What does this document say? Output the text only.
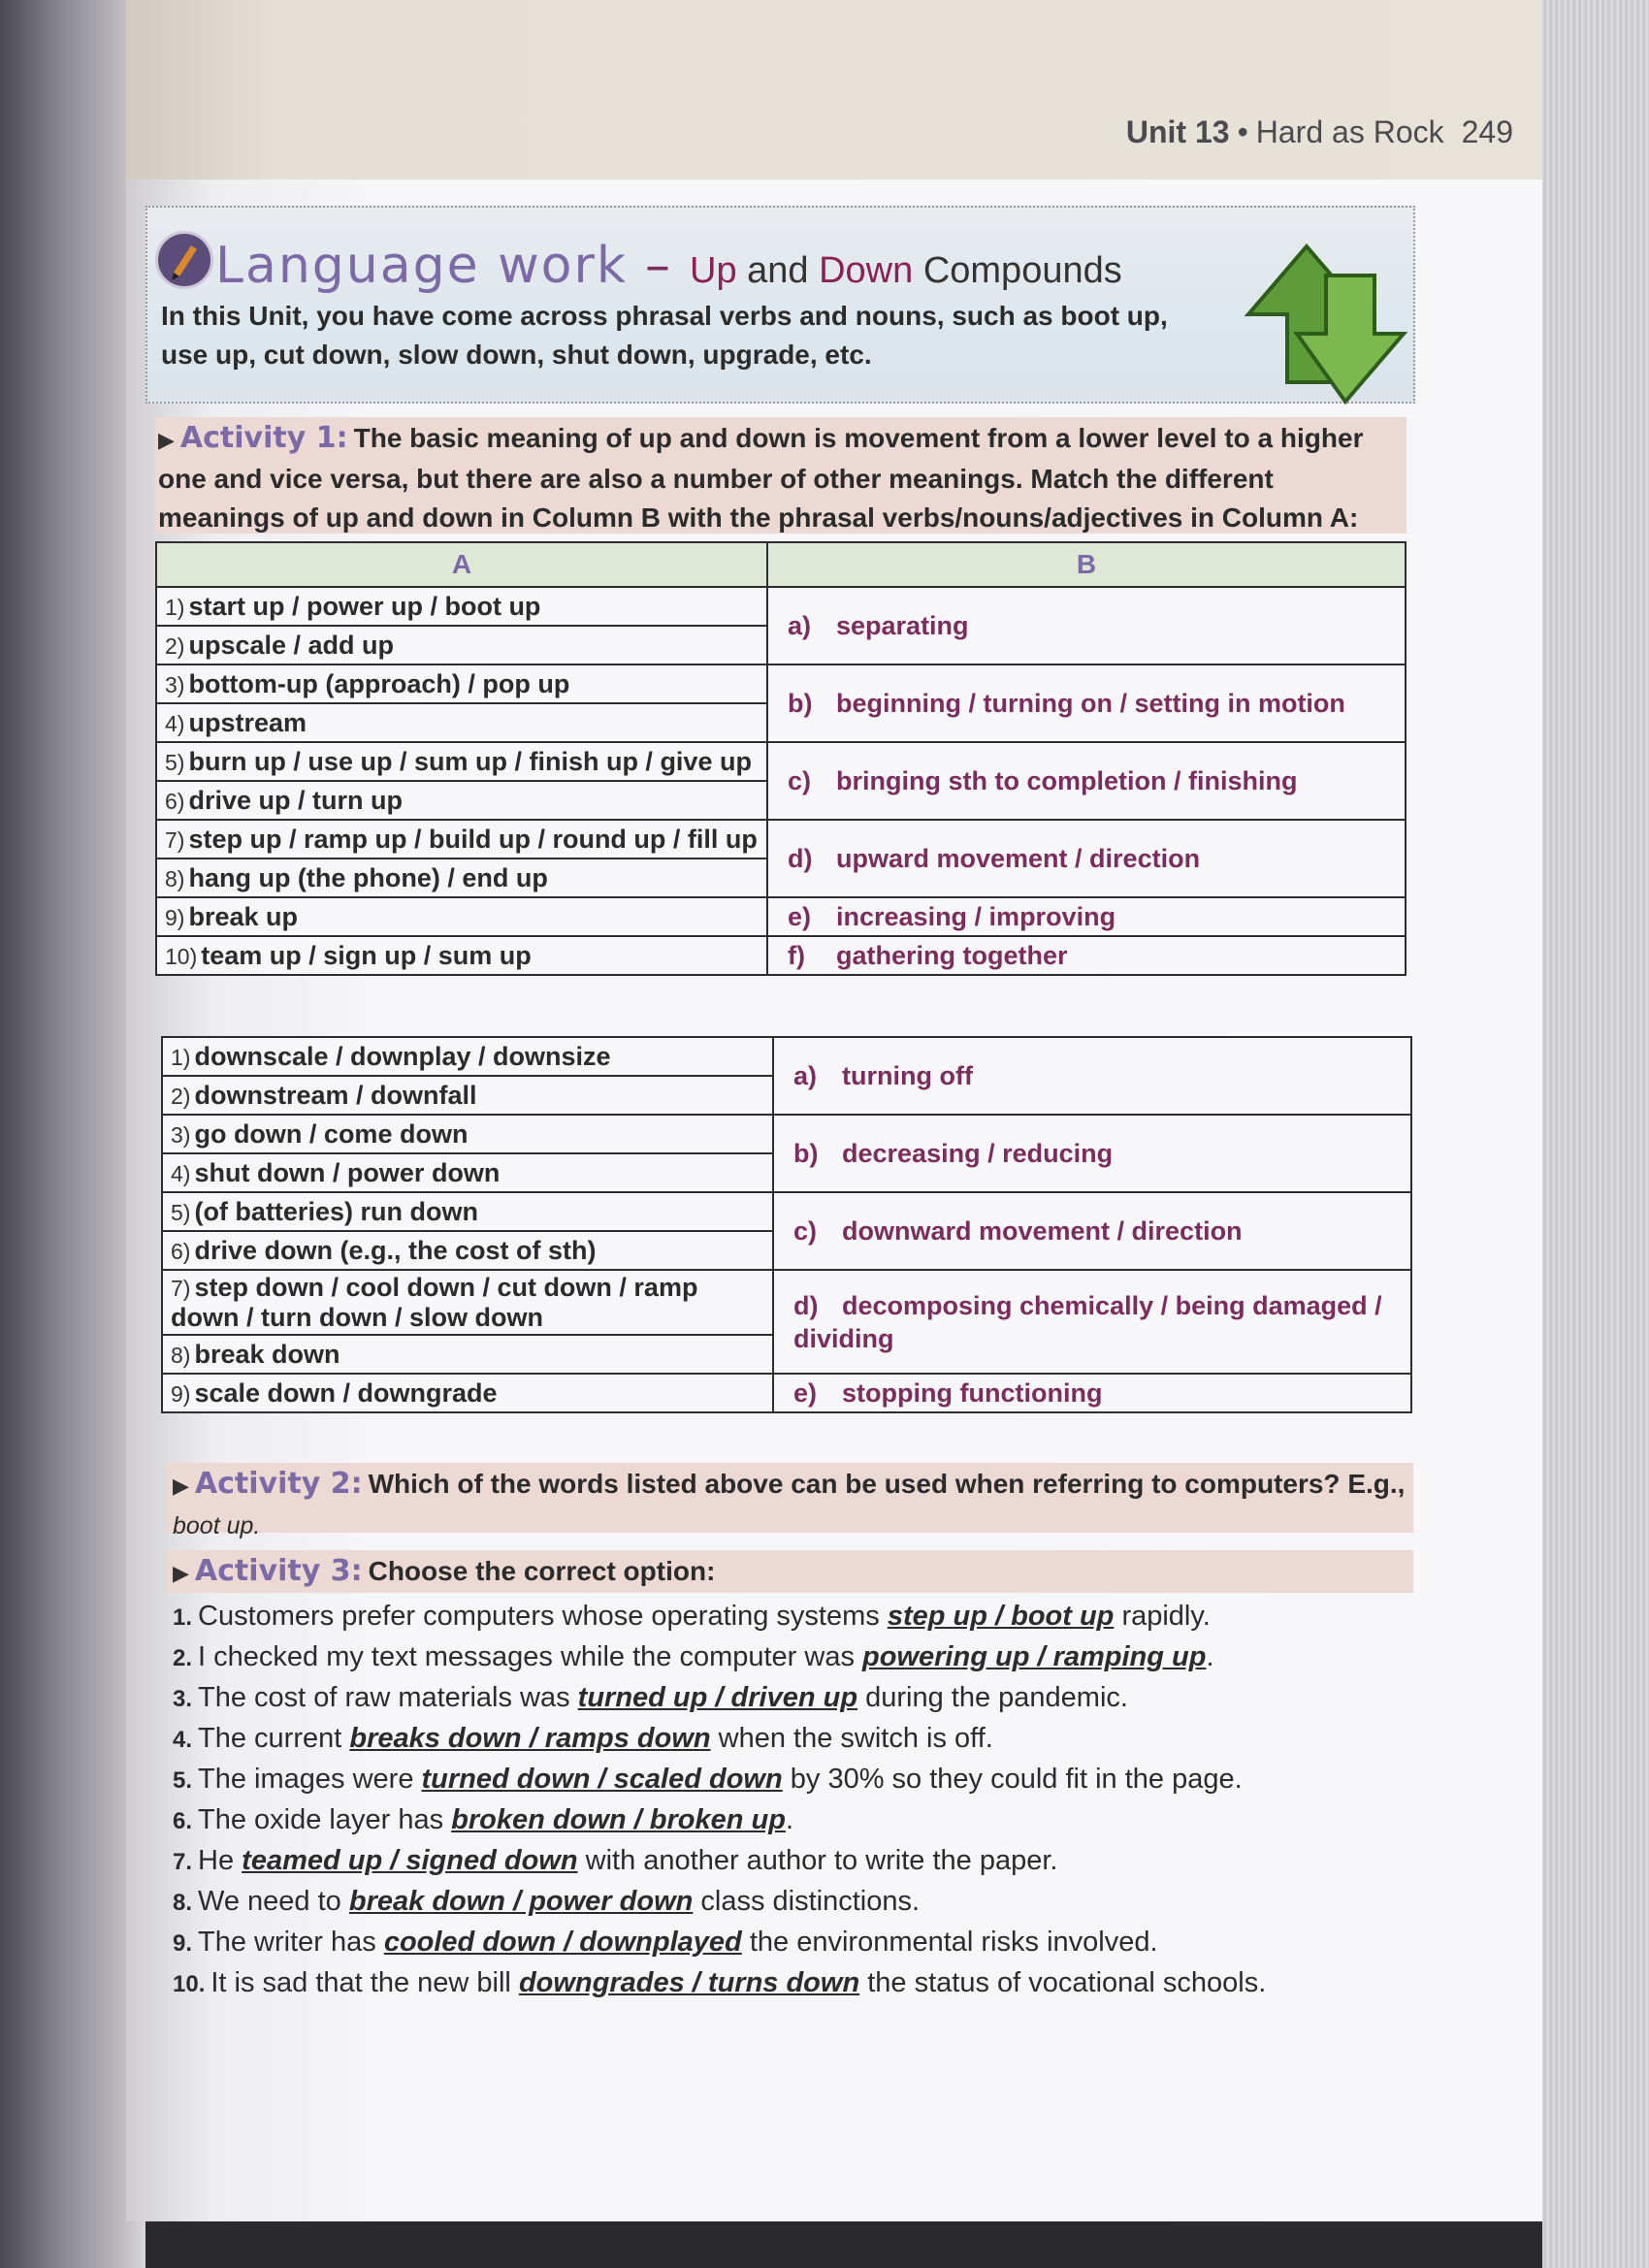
Unit 13 • Hard as Rock 249
Language work – Up and Down Compounds
In this Unit, you have come across phrasal verbs and nouns, such as boot up, use up, cut down, slow down, shut down, upgrade, etc.
▶ Activity 1: The basic meaning of up and down is movement from a lower level to a higher one and vice versa, but there are also a number of other meanings. Match the different meanings of up and down in Column B with the phrasal verbs/nouns/adjectives in Column A:
A	B
1) start up / power up / boot up	a) separating
2) upscale / add up	
3) bottom-up (approach) / pop up	b) beginning / turning on / setting in motion
4) upstream	
5) burn up / use up / sum up / finish up / give up	c) bringing sth to completion / finishing
6) drive up / turn up	
7) step up / ramp up / build up / round up / fill up	d) upward movement / direction
8) hang up (the phone) / end up	
9) break up	e) increasing / improving
10) team up / sign up / sum up	f) gathering together
1) downscale / downplay / downsize	a) turning off
2) downstream / downfall	
3) go down / come down	b) decreasing / reducing
4) shut down / power down	
5) (of batteries) run down	c) downward movement / direction
6) drive down (e.g., the cost of sth)	
7) step down / cool down / cut down / ramp down / turn down / slow down	d) decomposing chemically / being damaged / dividing
8) break down	
9) scale down / downgrade	e) stopping functioning
▶ Activity 2: Which of the words listed above can be used when referring to computers? E.g.,
boot up.
▶ Activity 3: Choose the correct option:
1. Customers prefer computers whose operating systems step up / boot up rapidly.
2. I checked my text messages while the computer was powering up / ramping up.
3. The cost of raw materials was turned up / driven up during the pandemic.
4. The current breaks down / ramps down when the switch is off.
5. The images were turned down / scaled down by 30% so they could fit in the page.
6. The oxide layer has broken down / broken up.
7. He teamed up / signed down with another author to write the paper.
8. We need to break down / power down class distinctions.
9. The writer has cooled down / downplayed the environmental risks involved.
10. It is sad that the new bill downgrades / turns down the status of vocational schools.
